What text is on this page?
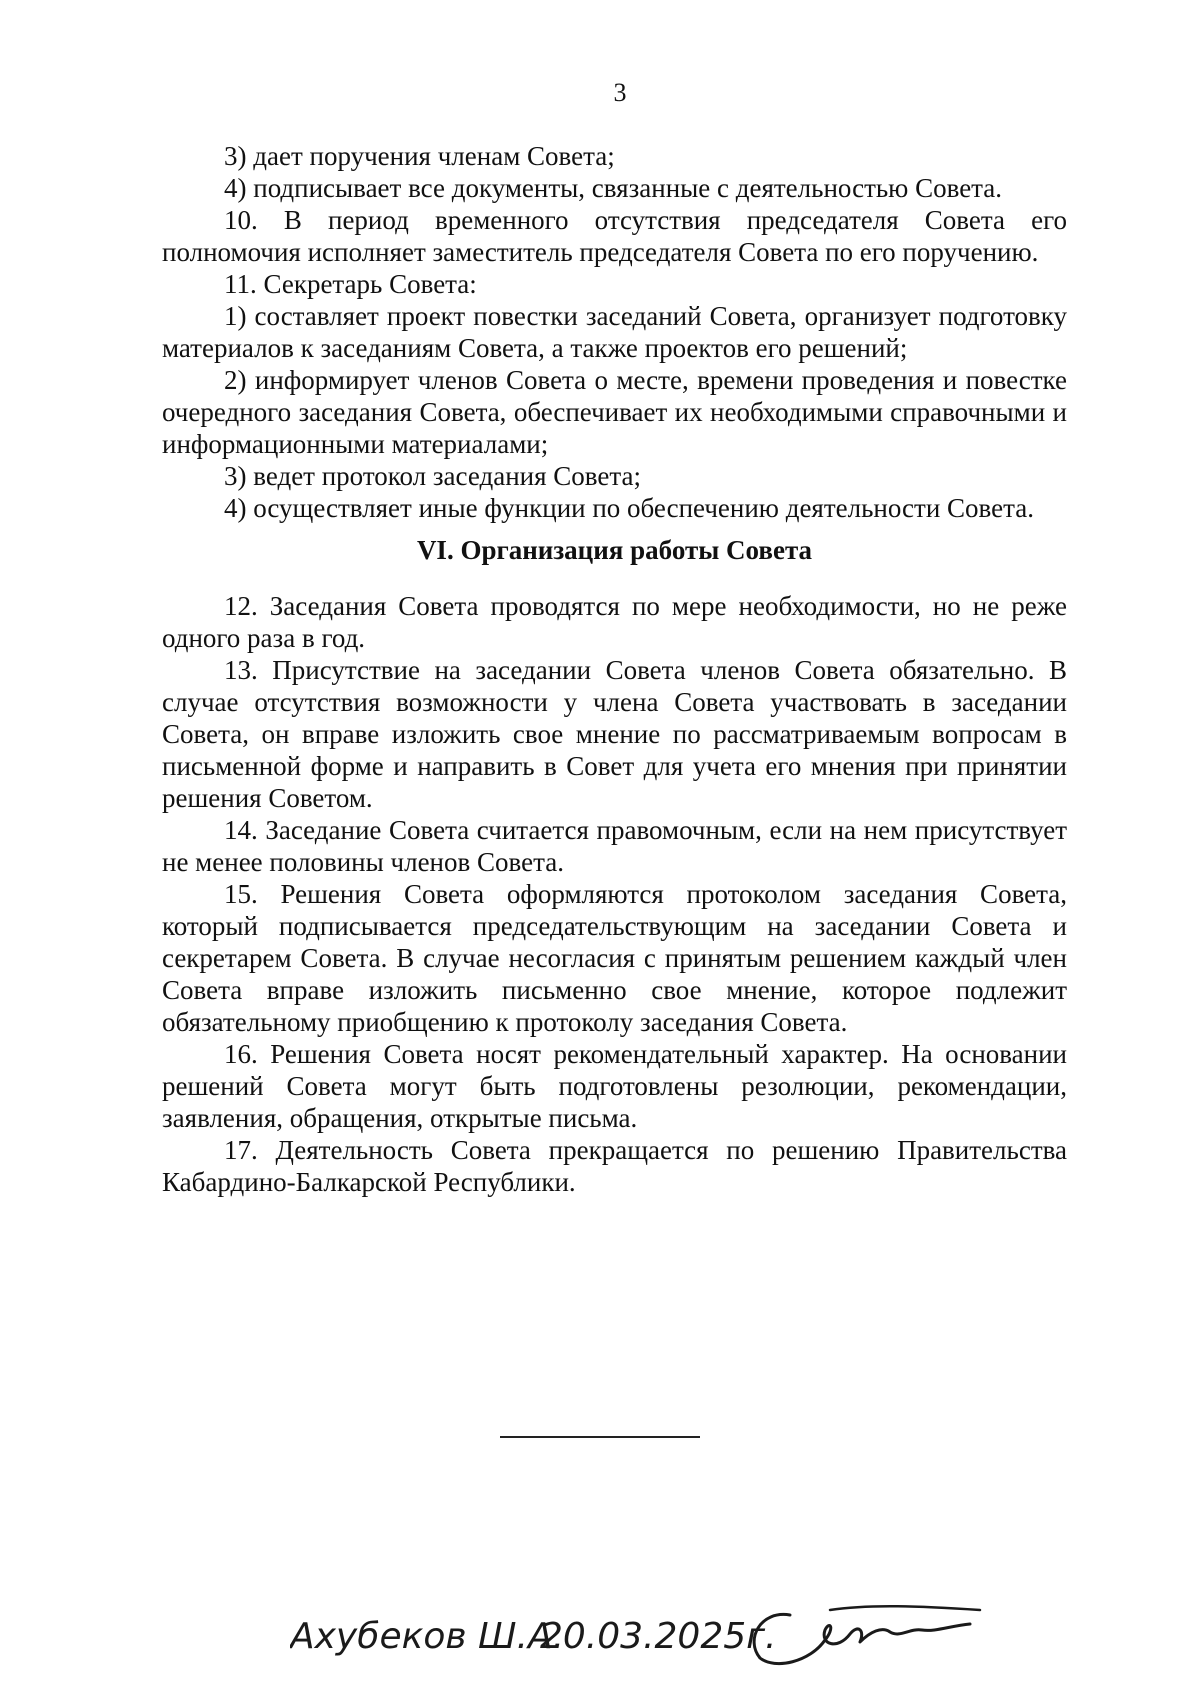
3

3) дает поручения членам Совета;

4) подписывает все документы, связанные с деятельностью Совета.

10. В период временного отсутствия председателя Совета его полномочия исполняет заместитель председателя Совета по его поручению.

11. Секретарь Совета:

1) составляет проект повестки заседаний Совета, организует подготовку материалов к заседаниям Совета, а также проектов его решений;

2) информирует членов Совета о месте, времени проведения и повестке очередного заседания Совета, обеспечивает их необходимыми справочными и информационными материалами;

3) ведет протокол заседания Совета;

4) осуществляет иные функции по обеспечению деятельности Совета.

VI. Организация работы Совета

12. Заседания Совета проводятся по мере необходимости, но не реже одного раза в год.

13. Присутствие на заседании Совета членов Совета обязательно. В случае отсутствия возможности у члена Совета участвовать в заседании Совета, он вправе изложить свое мнение по рассматриваемым вопросам в письменной форме и направить в Совет для учета его мнения при принятии решения Советом.

14. Заседание Совета считается правомочным, если на нем присутствует не менее половины членов Совета.

15. Решения Совета оформляются протоколом заседания Совета, который подписывается председательствующим на заседании Совета и секретарем Совета. В случае несогласия с принятым решением каждый член Совета вправе изложить письменно свое мнение, которое подлежит обязательному приобщению к протоколу заседания Совета.

16. Решения Совета носят рекомендательный характер. На основании решений Совета могут быть подготовлены резолюции, рекомендации, заявления, обращения, открытые письма.

17. Деятельность Совета прекращается по решению Правительства Кабардино-Балкарской Республики.

Ахубеков Ш.А.
20.03.2025г.
